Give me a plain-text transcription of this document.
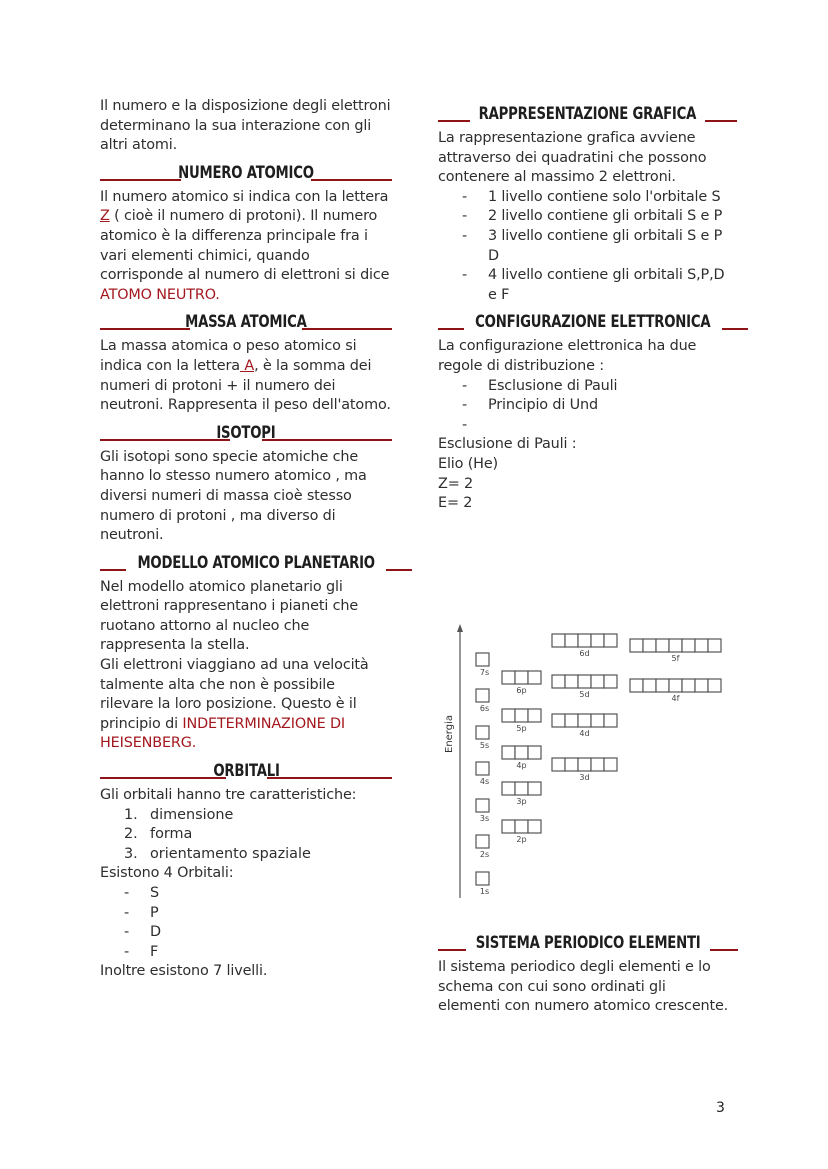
Il numero e la disposizione degli elettroni determinano la sua interazione con gli altri atomi.

NUMERO ATOMICO

Il numero atomico si indica con la lettera Z ( cioè il numero di protoni). Il numero atomico è la differenza principale fra i vari elementi chimici, quando corrisponde al numero di elettroni si dice ATOMO NEUTRO.

MASSA ATOMICA

La massa atomica o peso atomico si indica con la lettera A, è la somma dei numeri di protoni + il numero dei neutroni. Rappresenta il peso dell'atomo.

ISOTOPI

Gli isotopi sono specie atomiche che hanno lo stesso numero atomico , ma diversi numeri di massa cioè stesso numero di protoni , ma diverso di neutroni.

MODELLO ATOMICO PLANETARIO

Nel modello atomico planetario gli elettroni rappresentano i pianeti che ruotano attorno al nucleo che rappresenta la stella.

Gli elettroni viaggiano ad una velocità talmente alta che non è possibile rilevare la loro posizione. Questo è il principio di INDETERMINAZIONE DI HEISENBERG.

ORBITALI

Gli orbitali hanno tre caratteristiche:

1. dimensione
2. forma
3. orientamento spaziale

Esistono 4 Orbitali:

- S
- P
- D
- F

Inoltre esistono 7 livelli.

RAPPRESENTAZIONE GRAFICA

La rappresentazione grafica avviene attraverso dei quadratini che possono contenere al massimo 2 elettroni.

- 1 livello contiene solo l'orbitale S
- 2 livello contiene gli orbitali S e P
- 3 livello contiene gli orbitali S e P D
- 4 livello contiene gli orbitali S,P,D e F
CONFIGURAZIONE ELETTRONICA

La configurazione elettronica ha due regole di distribuzione :

- Esclusione di Pauli
- Principio di Und
-

Esclusione di Pauli :

Elio (He)

Z= 2

E= 2

Energia
1s
2s
3s
4s
5s
6s
7s
2p
3p
4p
5p
6p
3d
4d
5d
6d
4f
5f
SISTEMA PERIODICO ELEMENTI

Il sistema periodico degli elementi e lo schema con cui sono ordinati gli elementi con numero atomico crescente.

3
